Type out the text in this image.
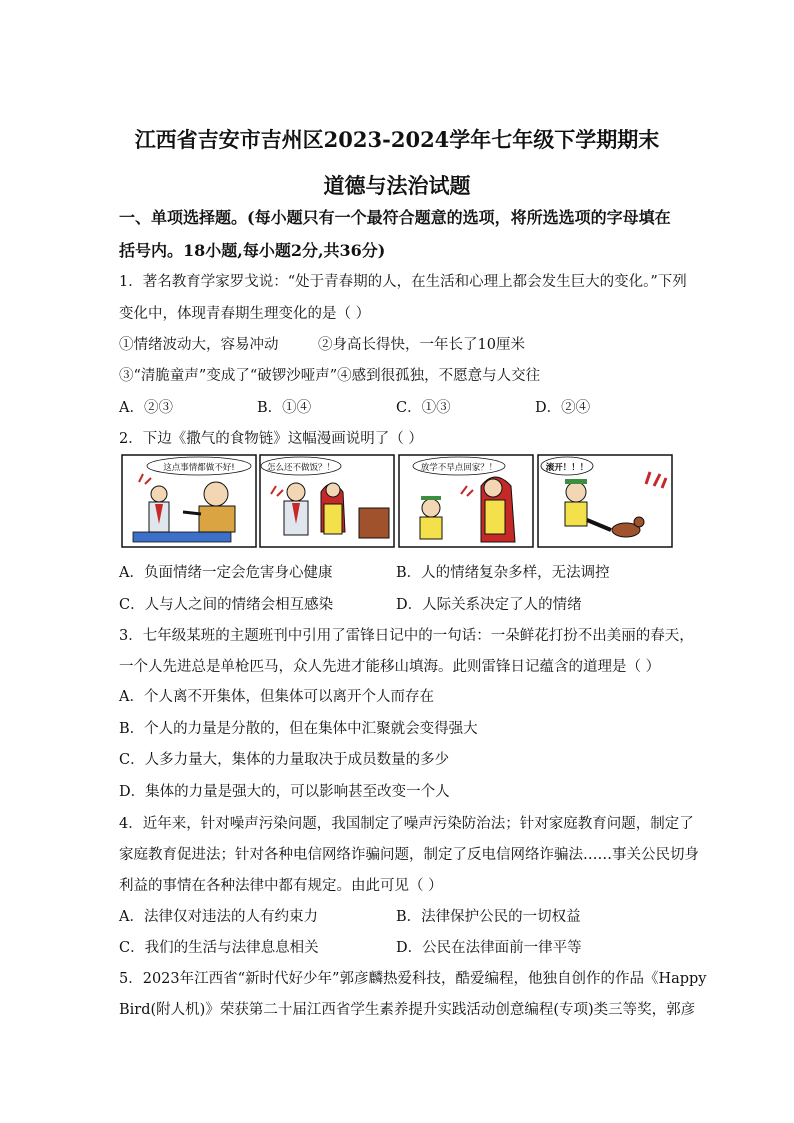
江西省吉安市吉州区2023-2024学年七年级下学期期末
道德与法治试题
一、单项选择题。(每小题只有一个最符合题意的选项，将所选选项的字母填在
括号内。18小题,每小题2分,共36分)
1．著名教育学家罗戈说：“处于青春期的人，在生活和心理上都会发生巨大的变化。”下列
变化中，体现青春期生理变化的是（ ）
①情绪波动大，容易冲动	②身高长得快，一年长了10厘米
③“清脆童声”变成了“破锣沙哑声”④感到很孤独，不愿意与人交往
A．②③	B．①④	C．①③	D．②④
2．下边《撒气的食物链》这幅漫画说明了（ ）
这点事情都做不好!	怎么还不做饭？！	放学不早点回家？！	滚开！！！
A．负面情绪一定会危害身心健康	B．人的情绪复杂多样，无法调控
C．人与人之间的情绪会相互感染	D．人际关系决定了人的情绪
3．七年级某班的主题班刊中引用了雷锋日记中的一句话：一朵鲜花打扮不出美丽的春天，
一个人先进总是单枪匹马，众人先进才能移山填海。此则雷锋日记蕴含的道理是（ ）
A．个人离不开集体，但集体可以离开个人而存在
B．个人的力量是分散的，但在集体中汇聚就会变得强大
C．人多力量大，集体的力量取决于成员数量的多少
D．集体的力量是强大的，可以影响甚至改变一个人
4．近年来，针对噪声污染问题，我国制定了噪声污染防治法；针对家庭教育问题，制定了
家庭教育促进法；针对各种电信网络诈骗问题，制定了反电信网络诈骗法……事关公民切身
利益的事情在各种法律中都有规定。由此可见（ ）
A．法律仅对违法的人有约束力	B．法律保护公民的一切权益
C．我们的生活与法律息息相关	D．公民在法律面前一律平等
5．2023年江西省“新时代好少年”郭彦麟热爱科技，酷爱编程，他独自创作的作品《Happy
Bird(附人机)》荣获第二十届江西省学生素养提升实践活动创意编程(专项)类三等奖，郭彦
